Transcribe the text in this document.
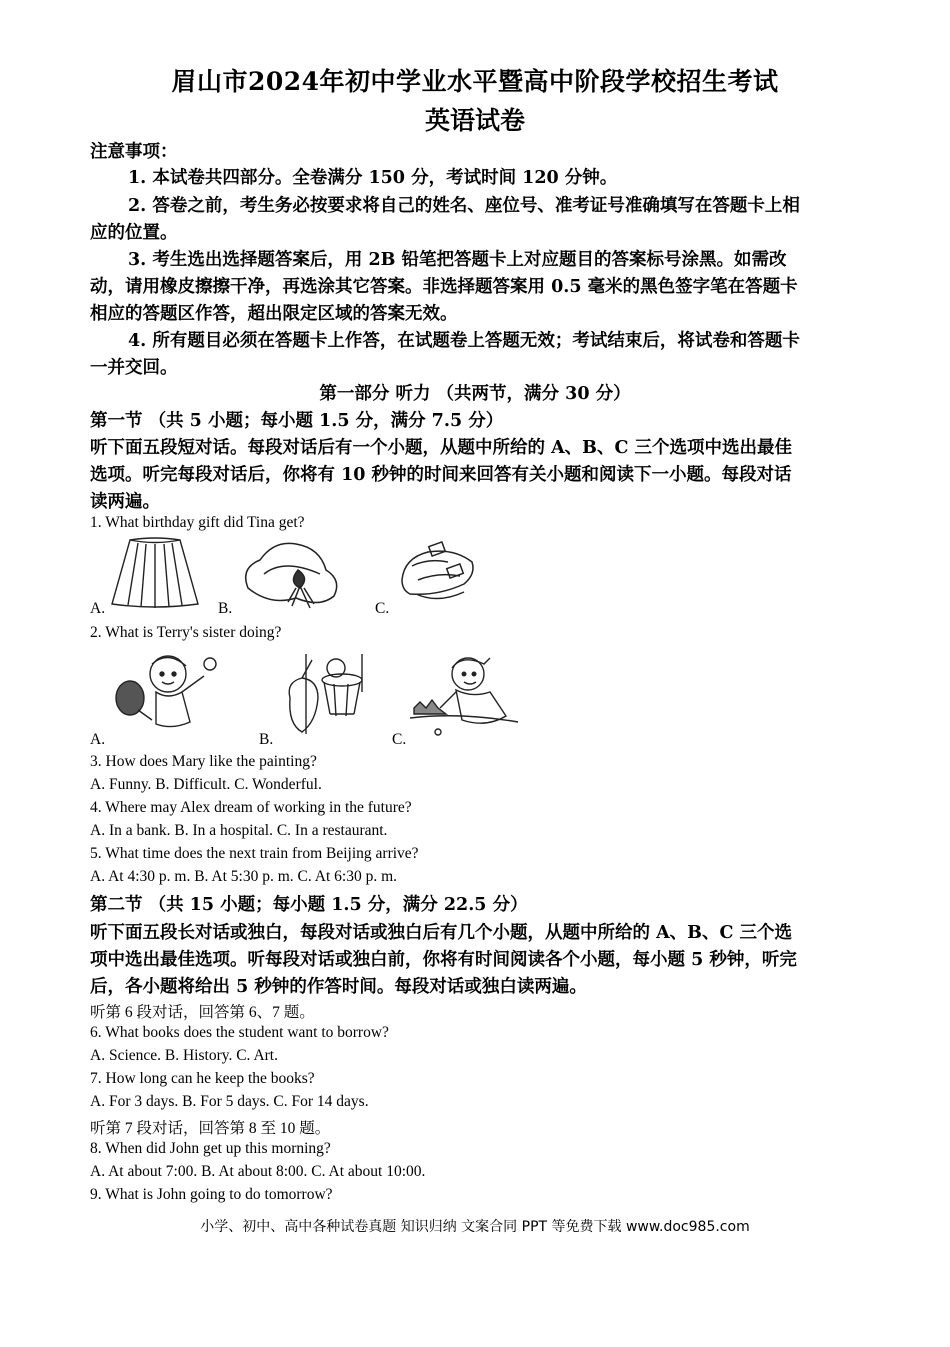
眉山市2024年初中学业水平暨高中阶段学校招生考试
英语试卷
注意事项：
1. 本试卷共四部分。全卷满分 150 分，考试时间 120 分钟。
2. 答卷之前，考生务必按要求将自己的姓名、座位号、准考证号准确填写在答题卡上相
应的位置。
3. 考生选出选择题答案后，用 2B 铅笔把答题卡上对应题目的答案标号涂黑。如需改
动，请用橡皮擦擦干净，再选涂其它答案。非选择题答案用 0.5 毫米的黑色签字笔在答题卡
相应的答题区作答，超出限定区域的答案无效。
4. 所有题目必须在答题卡上作答，在试题卷上答题无效；考试结束后，将试卷和答题卡
一并交回。
第一部分 听力 （共两节，满分 30 分）
第一节 （共 5 小题；每小题 1.5 分，满分 7.5 分）
听下面五段短对话。每段对话后有一个小题，从题中所给的 A、B、C 三个选项中选出最佳
选项。听完每段对话后，你将有 10 秒钟的时间来回答有关小题和阅读下一小题。每段对话
读两遍。
1. What birthday gift did Tina get?
A.	B.	C.
2. What is Terry's sister doing?
A.	B.	C.
3. How does Mary like the painting?
A. Funny. B. Difficult. C. Wonderful.
4. Where may Alex dream of working in the future?
A. In a bank. B. In a hospital. C. In a restaurant.
5. What time does the next train from Beijing arrive?
A. At 4:30 p. m. B. At 5:30 p. m. C. At 6:30 p. m.
第二节 （共 15 小题；每小题 1.5 分，满分 22.5 分）
听下面五段长对话或独白，每段对话或独白后有几个小题，从题中所给的 A、B、C 三个选
项中选出最佳选项。听每段对话或独白前，你将有时间阅读各个小题，每小题 5 秒钟，听完
后，各小题将给出 5 秒钟的作答时间。每段对话或独白读两遍。
听第 6 段对话，回答第 6、7 题。
6. What books does the student want to borrow?
A. Science. B. History. C. Art.
7. How long can he keep the books?
A. For 3 days. B. For 5 days. C. For 14 days.
听第 7 段对话，回答第 8 至 10 题。
8. When did John get up this morning?
A. At about 7:00. B. At about 8:00. C. At about 10:00.
9. What is John going to do tomorrow?
小学、初中、高中各种试卷真题 知识归纳 文案合同 PPT 等免费下载 www.doc985.com
